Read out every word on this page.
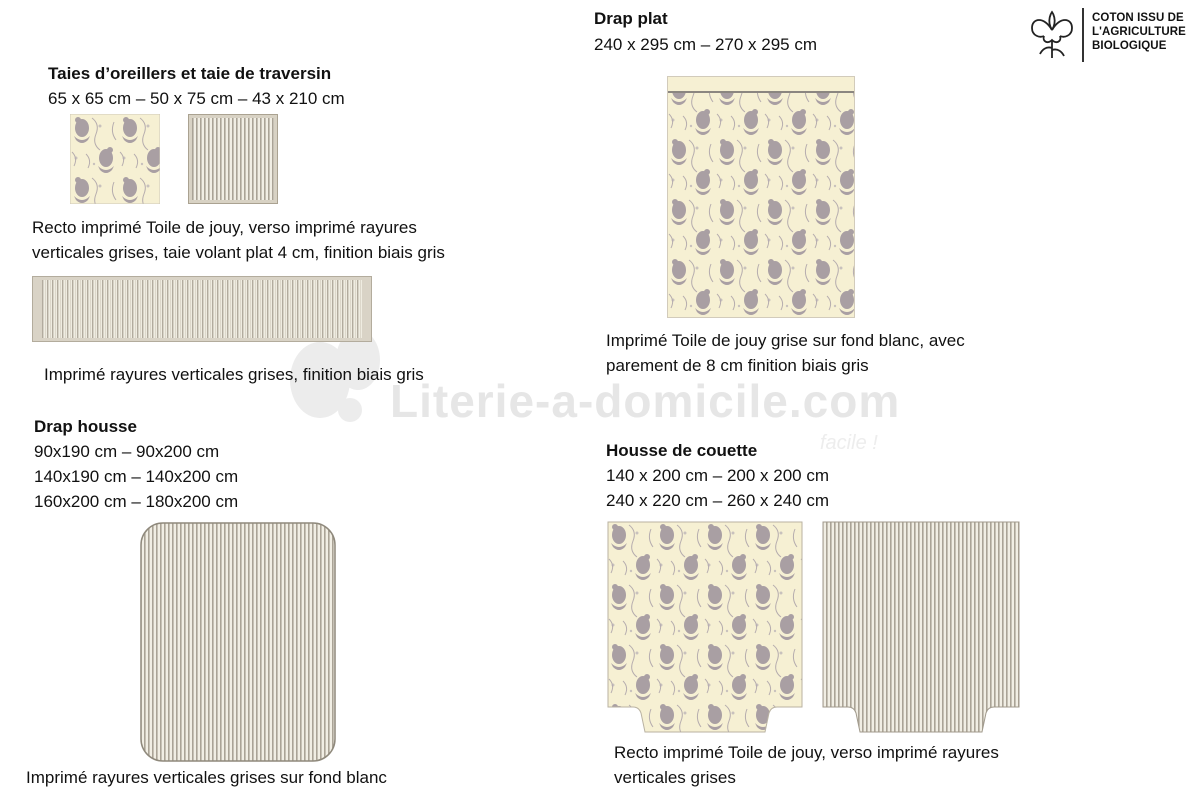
Literie-a-domicile.com
facile !
COTON ISSU DE
L'AGRICULTURE
BIOLOGIQUE
Taies d’oreillers et taie de traversin
65 x 65 cm – 50 x 75 cm – 43 x 210 cm
Recto imprimé Toile de jouy, verso imprimé rayures
verticales grises, taie volant plat 4 cm, finition biais gris
Imprimé rayures verticales grises, finition biais gris
Drap housse
90x190 cm – 90x200 cm
140x190 cm – 140x200 cm
160x200 cm – 180x200 cm
Imprimé rayures verticales grises sur fond blanc
Drap plat
240 x 295 cm – 270 x 295 cm
Imprimé Toile de jouy grise sur fond blanc, avec
parement de 8 cm finition biais gris
Housse de couette
140 x 200 cm – 200 x 200 cm
240 x 220 cm – 260 x 240 cm
Recto imprimé Toile de jouy, verso imprimé rayures
verticales grises
